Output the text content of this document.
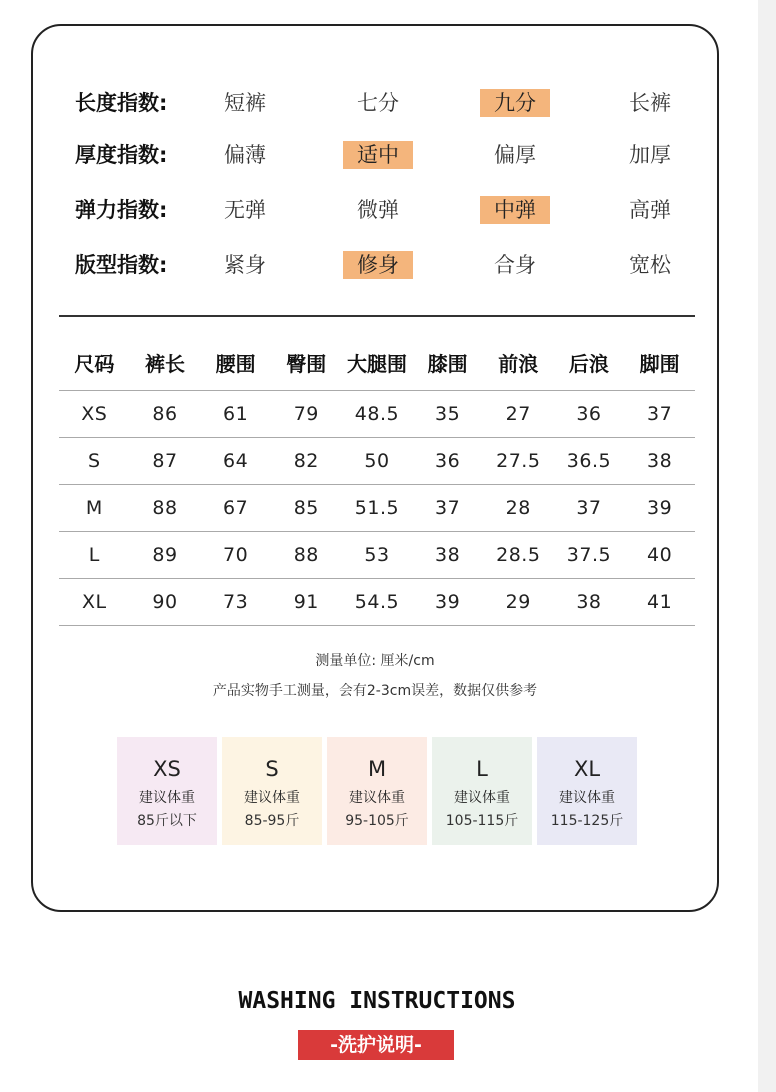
长度指数:	短裤	七分	九分	长裤
厚度指数:	偏薄	适中	偏厚	加厚
弹力指数:	无弹	微弹	中弹	高弹
版型指数:	紧身	修身	合身	宽松
尺码	裤长	腰围	臀围	大腿围	膝围	前浪	后浪	脚围
XS	86	61	79	48.5	35	27	36	37
S	87	64	82	50	36	27.5	36.5	38
M	88	67	85	51.5	37	28	37	39
L	89	70	88	53	38	28.5	37.5	40
XL	90	73	91	54.5	39	29	38	41
测量单位: 厘米/cm
产品实物手工测量，会有2-3cm误差，数据仅供参考
XS
建议体重
85斤以下
S
建议体重
85-95斤
M
建议体重
95-105斤
L
建议体重
105-115斤
XL
建议体重
115-125斤
WASHING INSTRUCTIONS
-洗护说明-
